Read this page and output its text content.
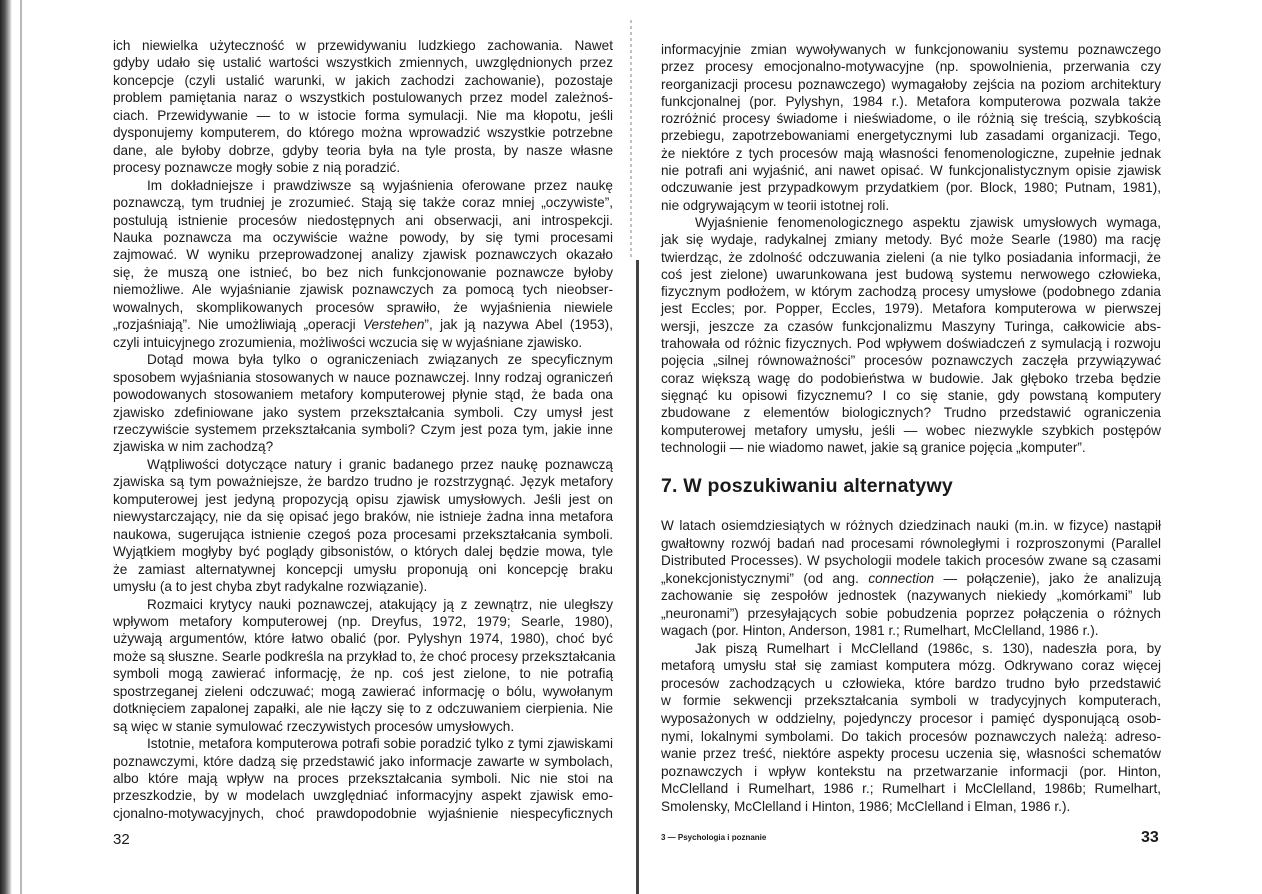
ich niewielka użyteczność w przewidywaniu ludzkiego zachowania. Nawet
gdyby udało się ustalić wartości wszystkich zmiennych, uwzględnionych przez
koncepcje (czyli ustalić warunki, w jakich zachodzi zachowanie), pozostaje
problem pamiętania naraz o wszystkich postulowanych przez model zależnoś-
ciach. Przewidywanie — to w istocie forma symulacji. Nie ma kłopotu, jeśli
dysponujemy komputerem, do którego można wprowadzić wszystkie potrzebne
dane, ale byłoby dobrze, gdyby teoria była na tyle prosta, by nasze własne
procesy poznawcze mogły sobie z nią poradzić.
Im dokładniejsze i prawdziwsze są wyjaśnienia oferowane przez naukę
poznawczą, tym trudniej je zrozumieć. Stają się także coraz mniej „oczywiste”,
postulują istnienie procesów niedostępnych ani obserwacji, ani introspekcji.
Nauka poznawcza ma oczywiście ważne powody, by się tymi procesami
zajmować. W wyniku przeprowadzonej analizy zjawisk poznawczych okazało
się, że muszą one istnieć, bo bez nich funkcjonowanie poznawcze byłoby
niemożliwe. Ale wyjaśnianie zjawisk poznawczych za pomocą tych nieobser-
wowalnych, skomplikowanych procesów sprawiło, że wyjaśnienia niewiele
„rozjaśniają”. Nie umożliwiają „operacji Verstehen”, jak ją nazywa Abel (1953),
czyli intuicyjnego zrozumienia, możliwości wczucia się w wyjaśniane zjawisko.
Dotąd mowa była tylko o ograniczeniach związanych ze specyficznym
sposobem wyjaśniania stosowanych w nauce poznawczej. Inny rodzaj ograniczeń
powodowanych stosowaniem metafory komputerowej płynie stąd, że bada ona
zjawisko zdefiniowane jako system przekształcania symboli. Czy umysł jest
rzeczywiście systemem przekształcania symboli? Czym jest poza tym, jakie inne
zjawiska w nim zachodzą?
Wątpliwości dotyczące natury i granic badanego przez naukę poznawczą
zjawiska są tym poważniejsze, że bardzo trudno je rozstrzygnąć. Język metafory
komputerowej jest jedyną propozycją opisu zjawisk umysłowych. Jeśli jest on
niewystarczający, nie da się opisać jego braków, nie istnieje żadna inna metafora
naukowa, sugerująca istnienie czegoś poza procesami przekształcania symboli.
Wyjątkiem mogłyby być poglądy gibsonistów, o których dalej będzie mowa, tyle
że zamiast alternatywnej koncepcji umysłu proponują oni koncepcję braku
umysłu (a to jest chyba zbyt radykalne rozwiązanie).
Rozmaici krytycy nauki poznawczej, atakujący ją z zewnątrz, nie uległszy
wpływom metafory komputerowej (np. Dreyfus, 1972, 1979; Searle, 1980),
używają argumentów, które łatwo obalić (por. Pylyshyn 1974, 1980), choć być
może są słuszne. Searle podkreśla na przykład to, że choć procesy przekształcania
symboli mogą zawierać informację, że np. coś jest zielone, to nie potrafią
spostrzeganej zieleni odczuwać; mogą zawierać informację o bólu, wywołanym
dotknięciem zapalonej zapałki, ale nie łączy się to z odczuwaniem cierpienia. Nie
są więc w stanie symulować rzeczywistych procesów umysłowych.
Istotnie, metafora komputerowa potrafi sobie poradzić tylko z tymi zjawiskami
poznawczymi, które dadzą się przedstawić jako informacje zawarte w symbolach,
albo które mają wpływ na proces przekształcania symboli. Nic nie stoi na
przeszkodzie, by w modelach uwzględniać informacyjny aspekt zjawisk emo-
cjonalno-motywacyjnych, choć prawdopodobnie wyjaśnienie niespecyficznych
32
informacyjnie zmian wywoływanych w funkcjonowaniu systemu poznawczego
przez procesy emocjonalno-motywacyjne (np. spowolnienia, przerwania czy
reorganizacji procesu poznawczego) wymagałoby zejścia na poziom architektury
funkcjonalnej (por. Pylyshyn, 1984 r.). Metafora komputerowa pozwala także
rozróżnić procesy świadome i nieświadome, o ile różnią się treścią, szybkością
przebiegu, zapotrzebowaniami energetycznymi lub zasadami organizacji. Tego,
że niektóre z tych procesów mają własności fenomenologiczne, zupełnie jednak
nie potrafi ani wyjaśnić, ani nawet opisać. W funkcjonalistycznym opisie zjawisk
odczuwanie jest przypadkowym przydatkiem (por. Block, 1980; Putnam, 1981),
nie odgrywającym w teorii istotnej roli.
Wyjaśnienie fenomenologicznego aspektu zjawisk umysłowych wymaga,
jak się wydaje, radykalnej zmiany metody. Być może Searle (1980) ma rację
twierdząc, że zdolność odczuwania zieleni (a nie tylko posiadania informacji, że
coś jest zielone) uwarunkowana jest budową systemu nerwowego człowieka,
fizycznym podłożem, w którym zachodzą procesy umysłowe (podobnego zdania
jest Eccles; por. Popper, Eccles, 1979). Metafora komputerowa w pierwszej
wersji, jeszcze za czasów funkcjonalizmu Maszyny Turinga, całkowicie abs-
trahowała od różnic fizycznych. Pod wpływem doświadczeń z symulacją i rozwoju
pojęcia „silnej równoważności” procesów poznawczych zaczęła przywiązywać
coraz większą wagę do podobieństwa w budowie. Jak głęboko trzeba będzie
sięgnąć ku opisowi fizycznemu? I co się stanie, gdy powstaną komputery
zbudowane z elementów biologicznych? Trudno przedstawić ograniczenia
komputerowej metafory umysłu, jeśli — wobec niezwykle szybkich postępów
technologii — nie wiadomo nawet, jakie są granice pojęcia „komputer”.
7. W poszukiwaniu alternatywy
W latach osiemdziesiątych w różnych dziedzinach nauki (m.in. w fizyce) nastąpił
gwałtowny rozwój badań nad procesami równoległymi i rozproszonymi (Parallel
Distributed Processes). W psychologii modele takich procesów zwane są czasami
„konekcjonistycznymi” (od ang. connection — połączenie), jako że analizują
zachowanie się zespołów jednostek (nazywanych niekiedy „komórkami” lub
„neuronami”) przesyłających sobie pobudzenia poprzez połączenia o różnych
wagach (por. Hinton, Anderson, 1981 r.; Rumelhart, McClelland, 1986 r.).
Jak piszą Rumelhart i McClelland (1986c, s. 130), nadeszła pora, by
metaforą umysłu stał się zamiast komputera mózg. Odkrywano coraz więcej
procesów zachodzących u człowieka, które bardzo trudno było przedstawić
w formie sekwencji przekształcania symboli w tradycyjnych komputerach,
wyposażonych w oddzielny, pojedynczy procesor i pamięć dysponującą osob-
nymi, lokalnymi symbolami. Do takich procesów poznawczych należą: adreso-
wanie przez treść, niektóre aspekty procesu uczenia się, własności schematów
poznawczych i wpływ kontekstu na przetwarzanie informacji (por. Hinton,
McClelland i Rumelhart, 1986 r.; Rumelhart i McClelland, 1986b; Rumelhart,
Smolensky, McClelland i Hinton, 1986; McClelland i Elman, 1986 r.).
3 — Psychologia i poznanie	33
